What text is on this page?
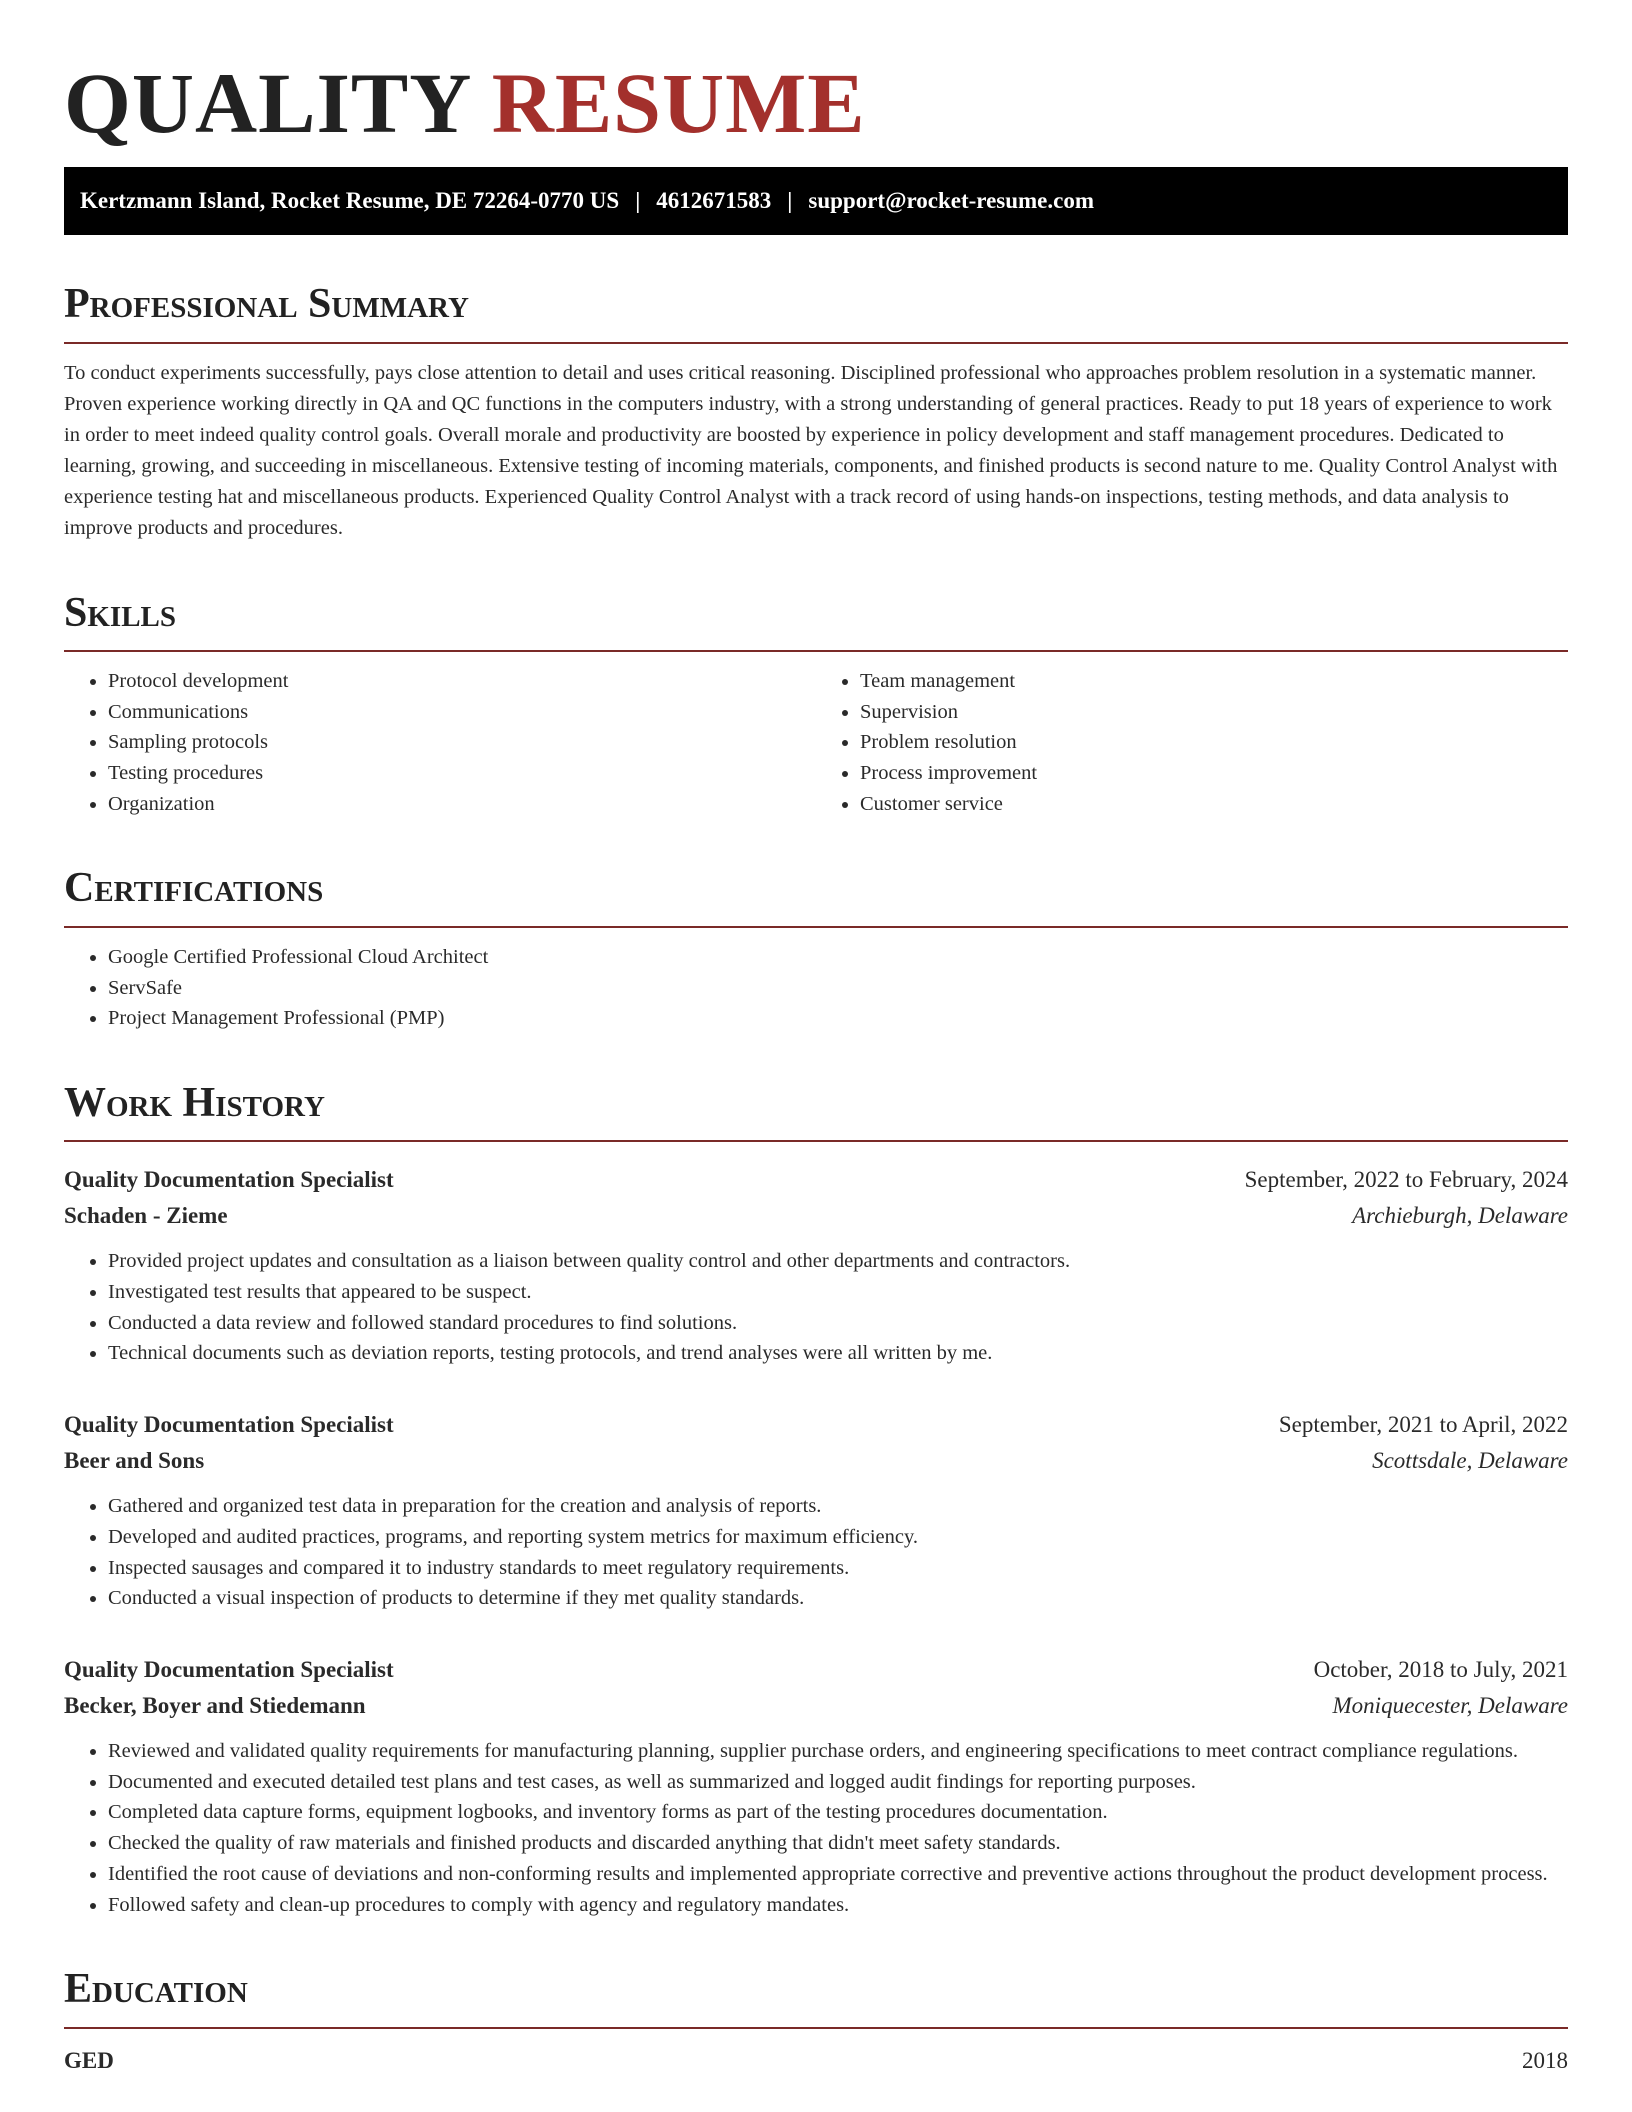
QUALITY RESUME
Kertzmann Island, Rocket Resume, DE 72264-0770 US | 4612671583 | support@rocket-resume.com
Professional Summary

To conduct experiments successfully, pays close attention to detail and uses critical reasoning. Disciplined professional who approaches problem resolution in a systematic manner. Proven experience working directly in QA and QC functions in the computers industry, with a strong understanding of general practices. Ready to put 18 years of experience to work in order to meet indeed quality control goals. Overall morale and productivity are boosted by experience in policy development and staff management procedures. Dedicated to learning, growing, and succeeding in miscellaneous. Extensive testing of incoming materials, components, and finished products is second nature to me. Quality Control Analyst with experience testing hat and miscellaneous products. Experienced Quality Control Analyst with a track record of using hands-on inspections, testing methods, and data analysis to improve products and procedures.

Skills
• Protocol development
• Communications
• Sampling protocols
• Testing procedures
• Organization
• Team management
• Supervision
• Problem resolution
• Process improvement
• Customer service
Certifications
• Google Certified Professional Cloud Architect
• ServSafe
• Project Management Professional (PMP)
Work History
Quality Documentation Specialist	September, 2022 to February, 2024
Schaden - Zieme	Archieburgh, Delaware
• Provided project updates and consultation as a liaison between quality control and other departments and contractors.
• Investigated test results that appeared to be suspect.
• Conducted a data review and followed standard procedures to find solutions.
• Technical documents such as deviation reports, testing protocols, and trend analyses were all written by me.
Quality Documentation Specialist	September, 2021 to April, 2022
Beer and Sons	Scottsdale, Delaware
• Gathered and organized test data in preparation for the creation and analysis of reports.
• Developed and audited practices, programs, and reporting system metrics for maximum efficiency.
• Inspected sausages and compared it to industry standards to meet regulatory requirements.
• Conducted a visual inspection of products to determine if they met quality standards.
Quality Documentation Specialist	October, 2018 to July, 2021
Becker, Boyer and Stiedemann	Moniquecester, Delaware
• Reviewed and validated quality requirements for manufacturing planning, supplier purchase orders, and engineering specifications to meet contract compliance regulations.
• Documented and executed detailed test plans and test cases, as well as summarized and logged audit findings for reporting purposes.
• Completed data capture forms, equipment logbooks, and inventory forms as part of the testing procedures documentation.
• Checked the quality of raw materials and finished products and discarded anything that didn't meet safety standards.
• Identified the root cause of deviations and non-conforming results and implemented appropriate corrective and preventive actions throughout the product development process.
• Followed safety and clean-up procedures to comply with agency and regulatory mandates.
Education
GED	2018
